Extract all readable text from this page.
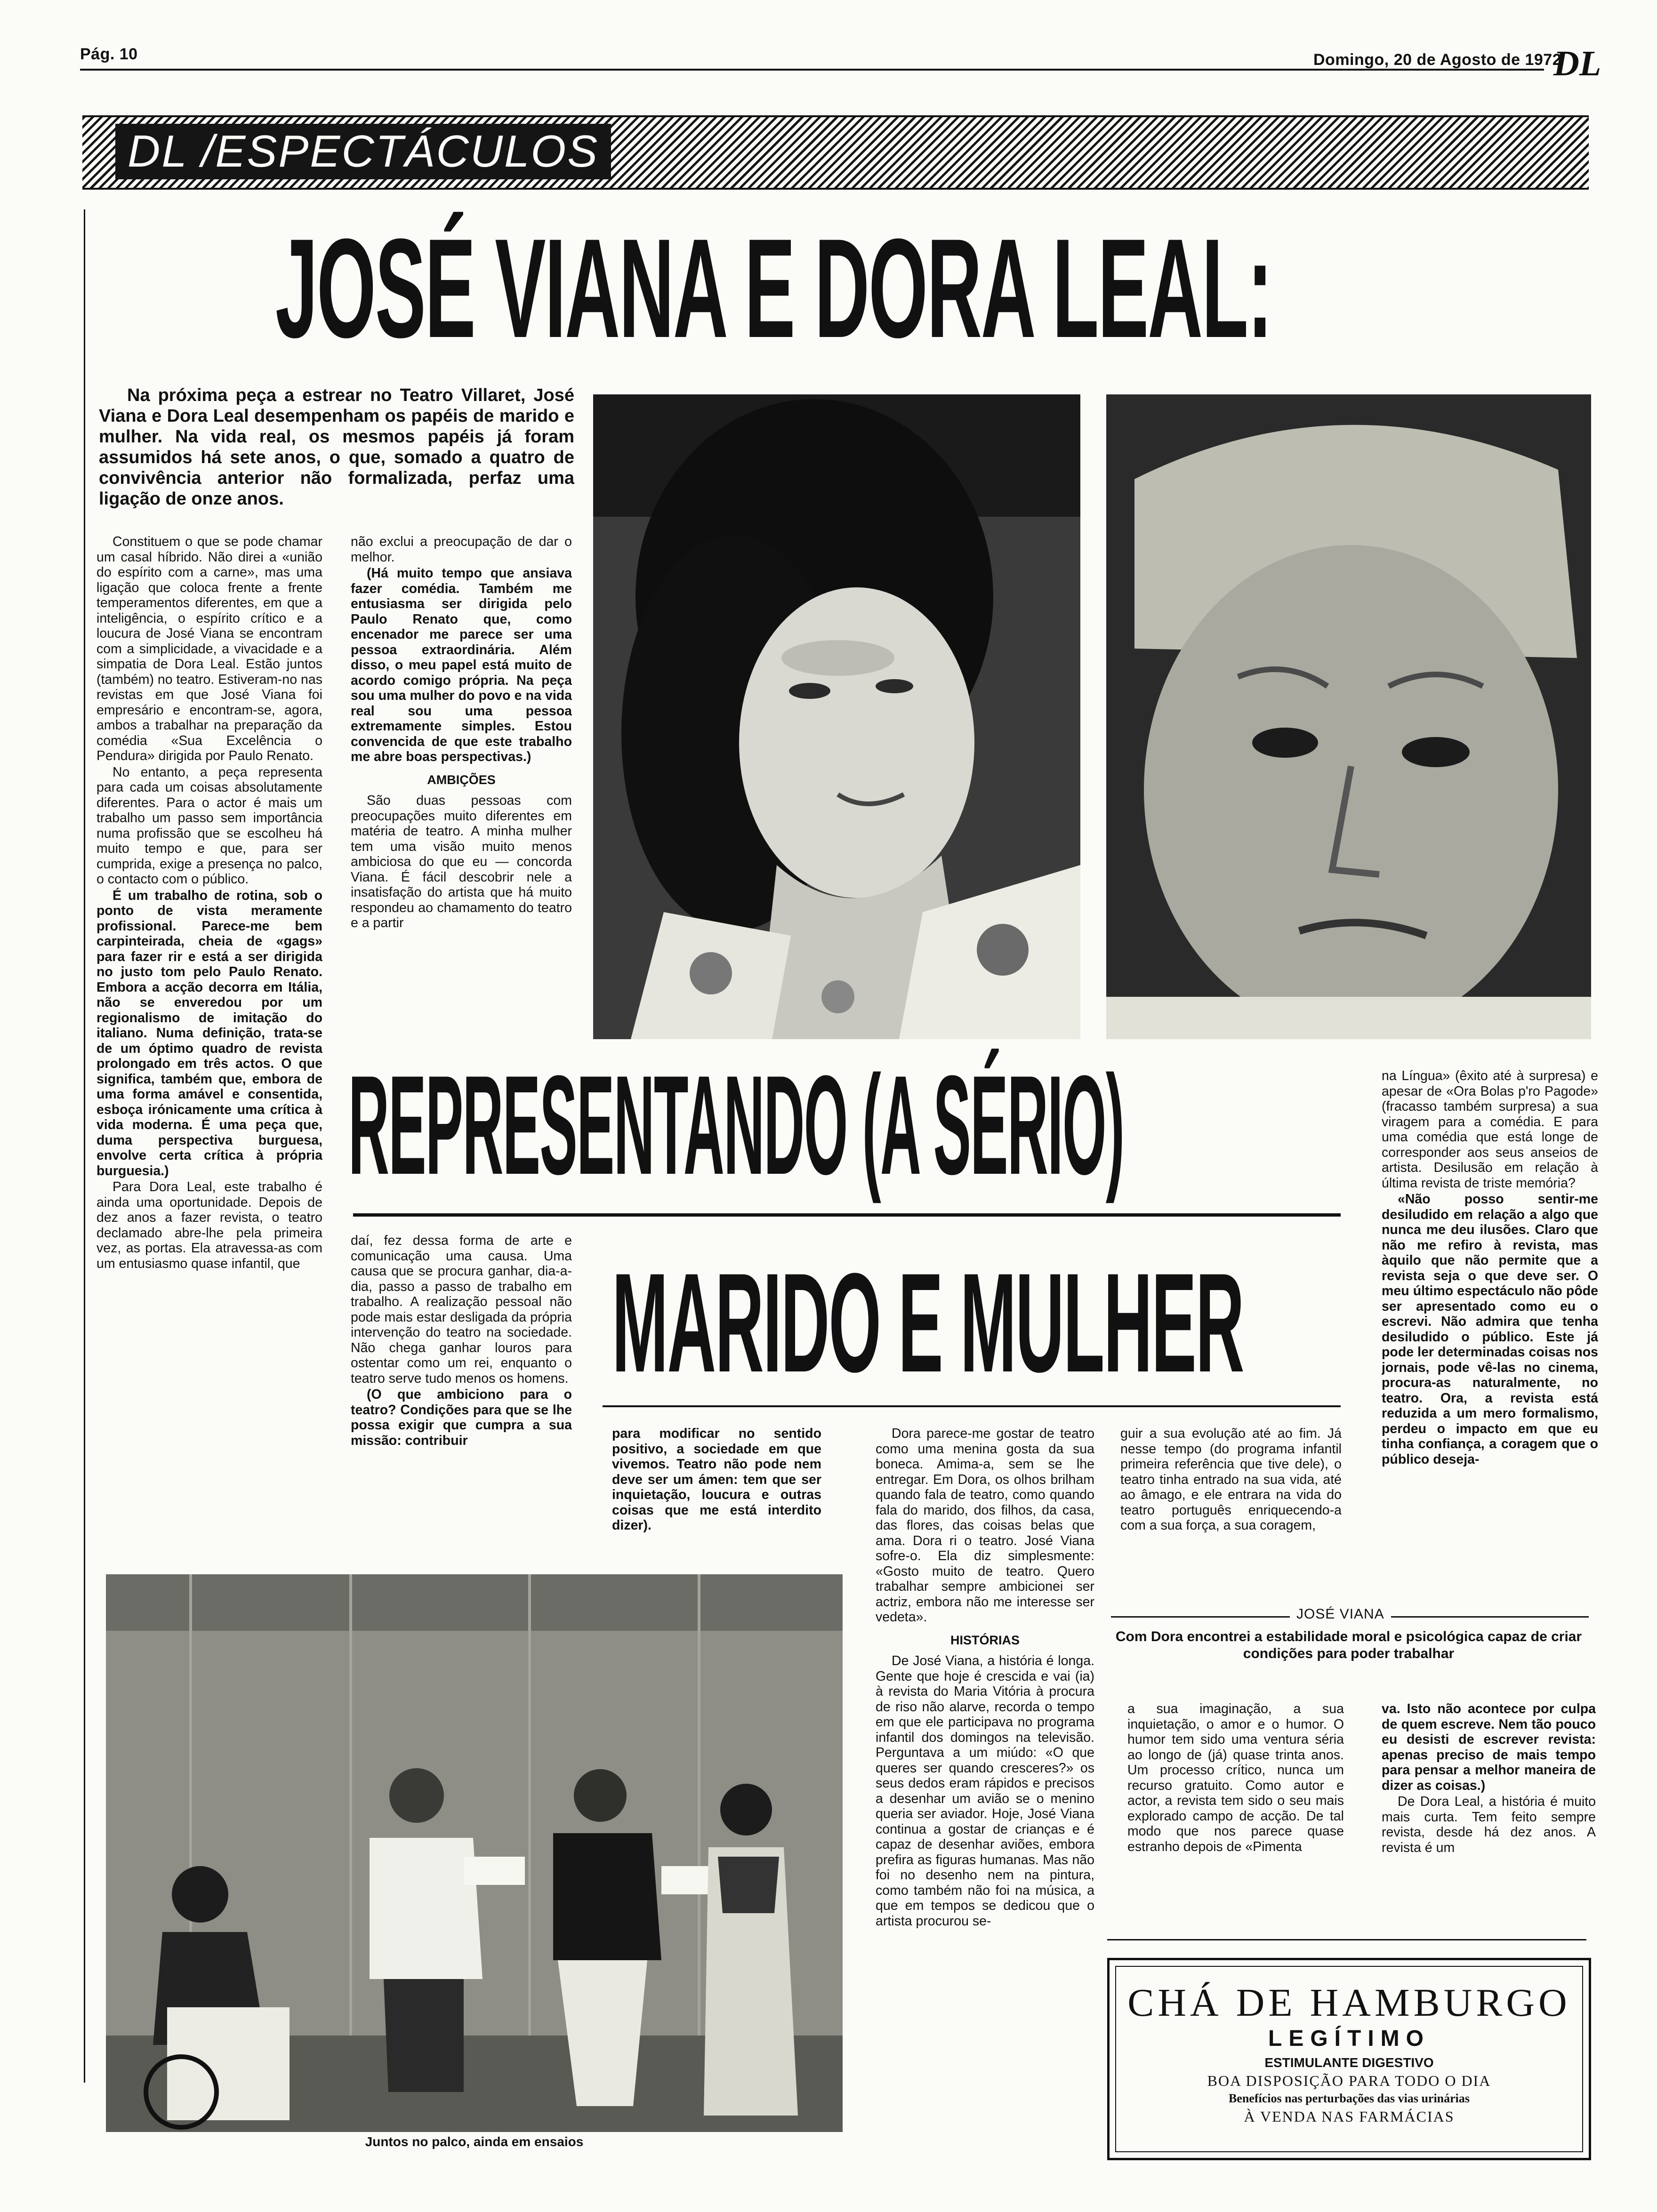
Pág. 10	Domingo, 20 de Agosto de 1972
DL
DL /ESPECTÁCULOS
JOSÉ VIANA E DORA LEAL:

Na próxima peça a estrear no Teatro Villaret, José Viana e Dora Leal desempenham os papéis de marido e mulher. Na vida real, os mesmos papéis já foram assumidos há sete anos, o que, somado a quatro de convivência anterior não formalizada, perfaz uma ligação de onze anos.

Constituem o que se pode chamar um casal híbrido. Não direi a «união do espírito com a carne», mas uma ligação que coloca frente a frente temperamentos diferentes, em que a inteligência, o espírito crítico e a loucura de José Viana se encontram com a simplicidade, a vivacidade e a simpatia de Dora Leal. Estão juntos (também) no teatro. Estiveram-no nas revistas em que José Viana foi empresário e encontram-se, agora, ambos a trabalhar na preparação da comédia «Sua Excelência o Pendura» dirigida por Paulo Renato.

No entanto, a peça representa para cada um coisas absolutamente diferentes. Para o actor é mais um trabalho um passo sem importância numa profissão que se escolheu há muito tempo e que, para ser cumprida, exige a presença no palco, o contacto com o público.

É um trabalho de rotina, sob o ponto de vista meramente profissional. Parece-me bem carpinteirada, cheia de «gags» para fazer rir e está a ser dirigida no justo tom pelo Paulo Renato. Embora a acção decorra em Itália, não se enveredou por um regionalismo de imitação do italiano. Numa definição, trata-se de um óptimo quadro de revista prolongado em três actos. O que significa, também que, embora de uma forma amável e consentida, esboça irónicamente uma crítica à vida moderna. É uma peça que, duma perspectiva burguesa, envolve certa crítica à própria burguesia.)

Para Dora Leal, este trabalho é ainda uma oportunidade. Depois de dez anos a fazer revista, o teatro declamado abre-lhe pela primeira vez, as portas. Ela atravessa-as com um entusiasmo quase infantil, que

não exclui a preocupação de dar o melhor.

(Há muito tempo que ansiava fazer comédia. Também me entusiasma ser dirigida pelo Paulo Renato que, como encenador me parece ser uma pessoa extraordinária. Além disso, o meu papel está muito de acordo comigo própria. Na peça sou uma mulher do povo e na vida real sou uma pessoa extremamente simples. Estou convencida de que este trabalho me abre boas perspectivas.)

AMBIÇÕES

São duas pessoas com preocupações muito diferentes em matéria de teatro. A minha mulher tem uma visão muito menos ambiciosa do que eu — concorda Viana. É fácil descobrir nele a insatisfação do artista que há muito respondeu ao chamamento do teatro e a partir

REPRESENTANDO (A SÉRIO)

daí, fez dessa forma de arte e comunicação uma causa. Uma causa que se procura ganhar, dia-a-dia, passo a passo de trabalho em trabalho. A realização pessoal não pode mais estar desligada da própria intervenção do teatro na sociedade. Não chega ganhar louros para ostentar como um rei, enquanto o teatro serve tudo menos os homens.

(O que ambiciono para o teatro? Condições para que se lhe possa exigir que cumpra a sua missão: contribuir

MARIDO E MULHER

para modificar no sentido positivo, a sociedade em que vivemos. Teatro não pode nem deve ser um ámen: tem que ser inquietação, loucura e outras coisas que me está interdito dizer).

Dora parece-me gostar de teatro como uma menina gosta da sua boneca. Amima-a, sem se lhe entregar. Em Dora, os olhos brilham quando fala de teatro, como quando fala do marido, dos filhos, da casa, das flores, das coisas belas que ama. Dora ri o teatro. José Viana sofre-o. Ela diz simplesmente: «Gosto muito de teatro. Quero trabalhar sempre ambicionei ser actriz, embora não me interesse ser vedeta».

HISTÓRIAS

De José Viana, a história é longa. Gente que hoje é crescida e vai (ia) à revista do Maria Vitória à procura de riso não alarve, recorda o tempo em que ele participava no programa infantil dos domingos na televisão. Perguntava a um miúdo: «O que queres ser quando cresceres?» os seus dedos eram rápidos e precisos a desenhar um avião se o menino queria ser aviador. Hoje, José Viana continua a gostar de crianças e é capaz de desenhar aviões, embora prefira as figuras humanas. Mas não foi no desenho nem na pintura, como também não foi na música, a que em tempos se dedicou que o artista procurou se-

guir a sua evolução até ao fim. Já nesse tempo (do programa infantil primeira referência que tive dele), o teatro tinha entrado na sua vida, até ao âmago, e ele entrara na vida do teatro português enriquecendo-a com a sua força, a sua coragem,

na Língua» (êxito até à surpresa) e apesar de «Ora Bolas p'ro Pagode» (fracasso também surpresa) a sua viragem para a comédia. E para uma comédia que está longe de corresponder aos seus anseios de artista. Desilusão em relação à última revista de triste memória?

«Não posso sentir-me desiludido em relação a algo que nunca me deu ilusões. Claro que não me refiro à revista, mas àquilo que não permite que a revista seja o que deve ser. O meu último espectáculo não pôde ser apresentado como eu o escrevi. Não admira que tenha desiludido o público. Este já pode ler determinadas coisas nos jornais, pode vê-las no cinema, procura-as naturalmente, no teatro. Ora, a revista está reduzida a um mero formalismo, perdeu o impacto em que eu tinha confiança, a coragem que o público deseja-

JOSÉ VIANA
Com Dora encontrei a estabilidade moral e psicológica capaz de criar condições para poder trabalhar

a sua imaginação, a sua inquietação, o amor e o humor. O humor tem sido uma ventura séria ao longo de (já) quase trinta anos. Um processo crítico, nunca um recurso gratuito. Como autor e actor, a revista tem sido o seu mais explorado campo de acção. De tal modo que nos parece quase estranho depois de «Pimenta

va. Isto não acontece por culpa de quem escreve. Nem tão pouco eu desisti de escrever revista: apenas preciso de mais tempo para pensar a melhor maneira de dizer as coisas.)

De Dora Leal, a história é muito mais curta. Tem feito sempre revista, desde há dez anos. A revista é um

Juntos no palco, ainda em ensaios
CHÁ DE HAMBURGO
LEGÍTIMO
ESTIMULANTE DIGESTIVO
BOA DISPOSIÇÃO PARA TODO O DIA
Benefícios nas perturbações das vias urinárias
À VENDA NAS FARMÁCIAS
